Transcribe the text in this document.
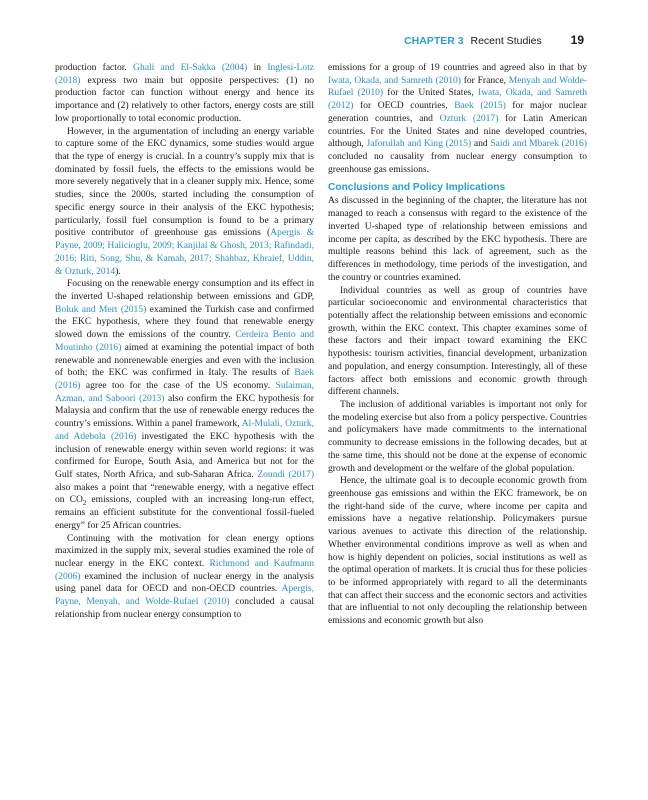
CHAPTER 3 Recent Studies 19

production factor. Ghali and El-Sakka (2004) in Inglesi-Lotz (2018) express two main but opposite perspectives: (1) no production factor can function without energy and hence its importance and (2) relatively to other factors, energy costs are still low proportionally to total economic production.

However, in the argumentation of including an energy variable to capture some of the EKC dynamics, some studies would argue that the type of energy is crucial. In a country’s supply mix that is dominated by fossil fuels, the effects to the emissions would be more severely negatively that in a cleaner supply mix. Hence, some studies, since the 2000s, started including the consumption of specific energy source in their analysis of the EKC hypothesis; particularly, fossil fuel consumption is found to be a primary positive contributor of greenhouse gas emissions (Apergis & Payne, 2009; Halicioglu, 2009; Kanjilal & Ghosh, 2013; Rafindadi, 2016; Riti, Song, Shu, & Kamah, 2017; Shahbaz, Khraief, Uddin, & Ozturk, 2014).

Focusing on the renewable energy consumption and its effect in the inverted U-shaped relationship between emissions and GDP, Boluk and Mert (2015) examined the Turkish case and confirmed the EKC hypothesis, where they found that renewable energy slowed down the emissions of the country. Cerdeira Bento and Moutinho (2016) aimed at examining the potential impact of both renewable and nonrenewable energies and even with the inclusion of both; the EKC was confirmed in Italy. The results of Baek (2016) agree too for the case of the US economy. Sulaiman, Azman, and Saboori (2013) also confirm the EKC hypothesis for Malaysia and confirm that the use of renewable energy reduces the country’s emissions. Within a panel framework, Al-Mulali, Ozturk, and Adebola (2016) investigated the EKC hypothesis with the inclusion of renewable energy within seven world regions: it was confirmed for Europe, South Asia, and America but not for the Gulf states, North Africa, and sub-Saharan Africa. Zoundi (2017) also makes a point that “renewable energy, with a negative effect on $CO_2$ emissions, coupled with an increasing long-run effect, remains an efficient substitute for the conventional fossil-fueled energy” for 25 African countries.

Continuing with the motivation for clean energy options maximized in the supply mix, several studies examined the role of nuclear energy in the EKC context. Richmond and Kaufmann (2006) examined the inclusion of nuclear energy in the analysis using panel data for OECD and non-OECD countries. Apergis, Payne, Menyah, and Wolde-Rufael (2010) concluded a causal relationship from nuclear energy consumption to

emissions for a group of 19 countries and agreed also in that by Iwata, Okada, and Samreth (2010) for France, Menyah and Wolde-Rufael (2010) for the United States, Iwata, Okada, and Samreth (2012) for OECD countries, Baek (2015) for major nuclear generation countries, and Ozturk (2017) for Latin American countries. For the United States and nine developed countries, although, Jaforullah and King (2015) and Saidi and Mbarek (2016) concluded no causality from nuclear energy consumption to greenhouse gas emissions.

Conclusions and Policy Implications

As discussed in the beginning of the chapter, the literature has not managed to reach a consensus with regard to the existence of the inverted U-shaped type of relationship between emissions and income per capita, as described by the EKC hypothesis. There are multiple reasons behind this lack of agreement, such as the differences in methodology, time periods of the investigation, and the country or countries examined.

Individual countries as well as group of countries have particular socioeconomic and environmental characteristics that potentially affect the relationship between emissions and economic growth, within the EKC context. This chapter examines some of these factors and their impact toward examining the EKC hypothesis: tourism activities, financial development, urbanization and population, and energy consumption. Interestingly, all of these factors affect both emissions and economic growth through different channels.

The inclusion of additional variables is important not only for the modeling exercise but also from a policy perspective. Countries and policymakers have made commitments to the international community to decrease emissions in the following decades, but at the same time, this should not be done at the expense of economic growth and development or the welfare of the global population.

Hence, the ultimate goal is to decouple economic growth from greenhouse gas emissions and within the EKC framework, be on the right-hand side of the curve, where income per capita and emissions have a negative relationship. Policymakers pursue various avenues to activate this direction of the relationship. Whether environmental conditions improve as well as when and how is highly dependent on policies, social institutions as well as the optimal operation of markets. It is crucial thus for these policies to be informed appropriately with regard to all the determinants that can affect their success and the economic sectors and activities that are influential to not only decoupling the relationship between emissions and economic growth but also
